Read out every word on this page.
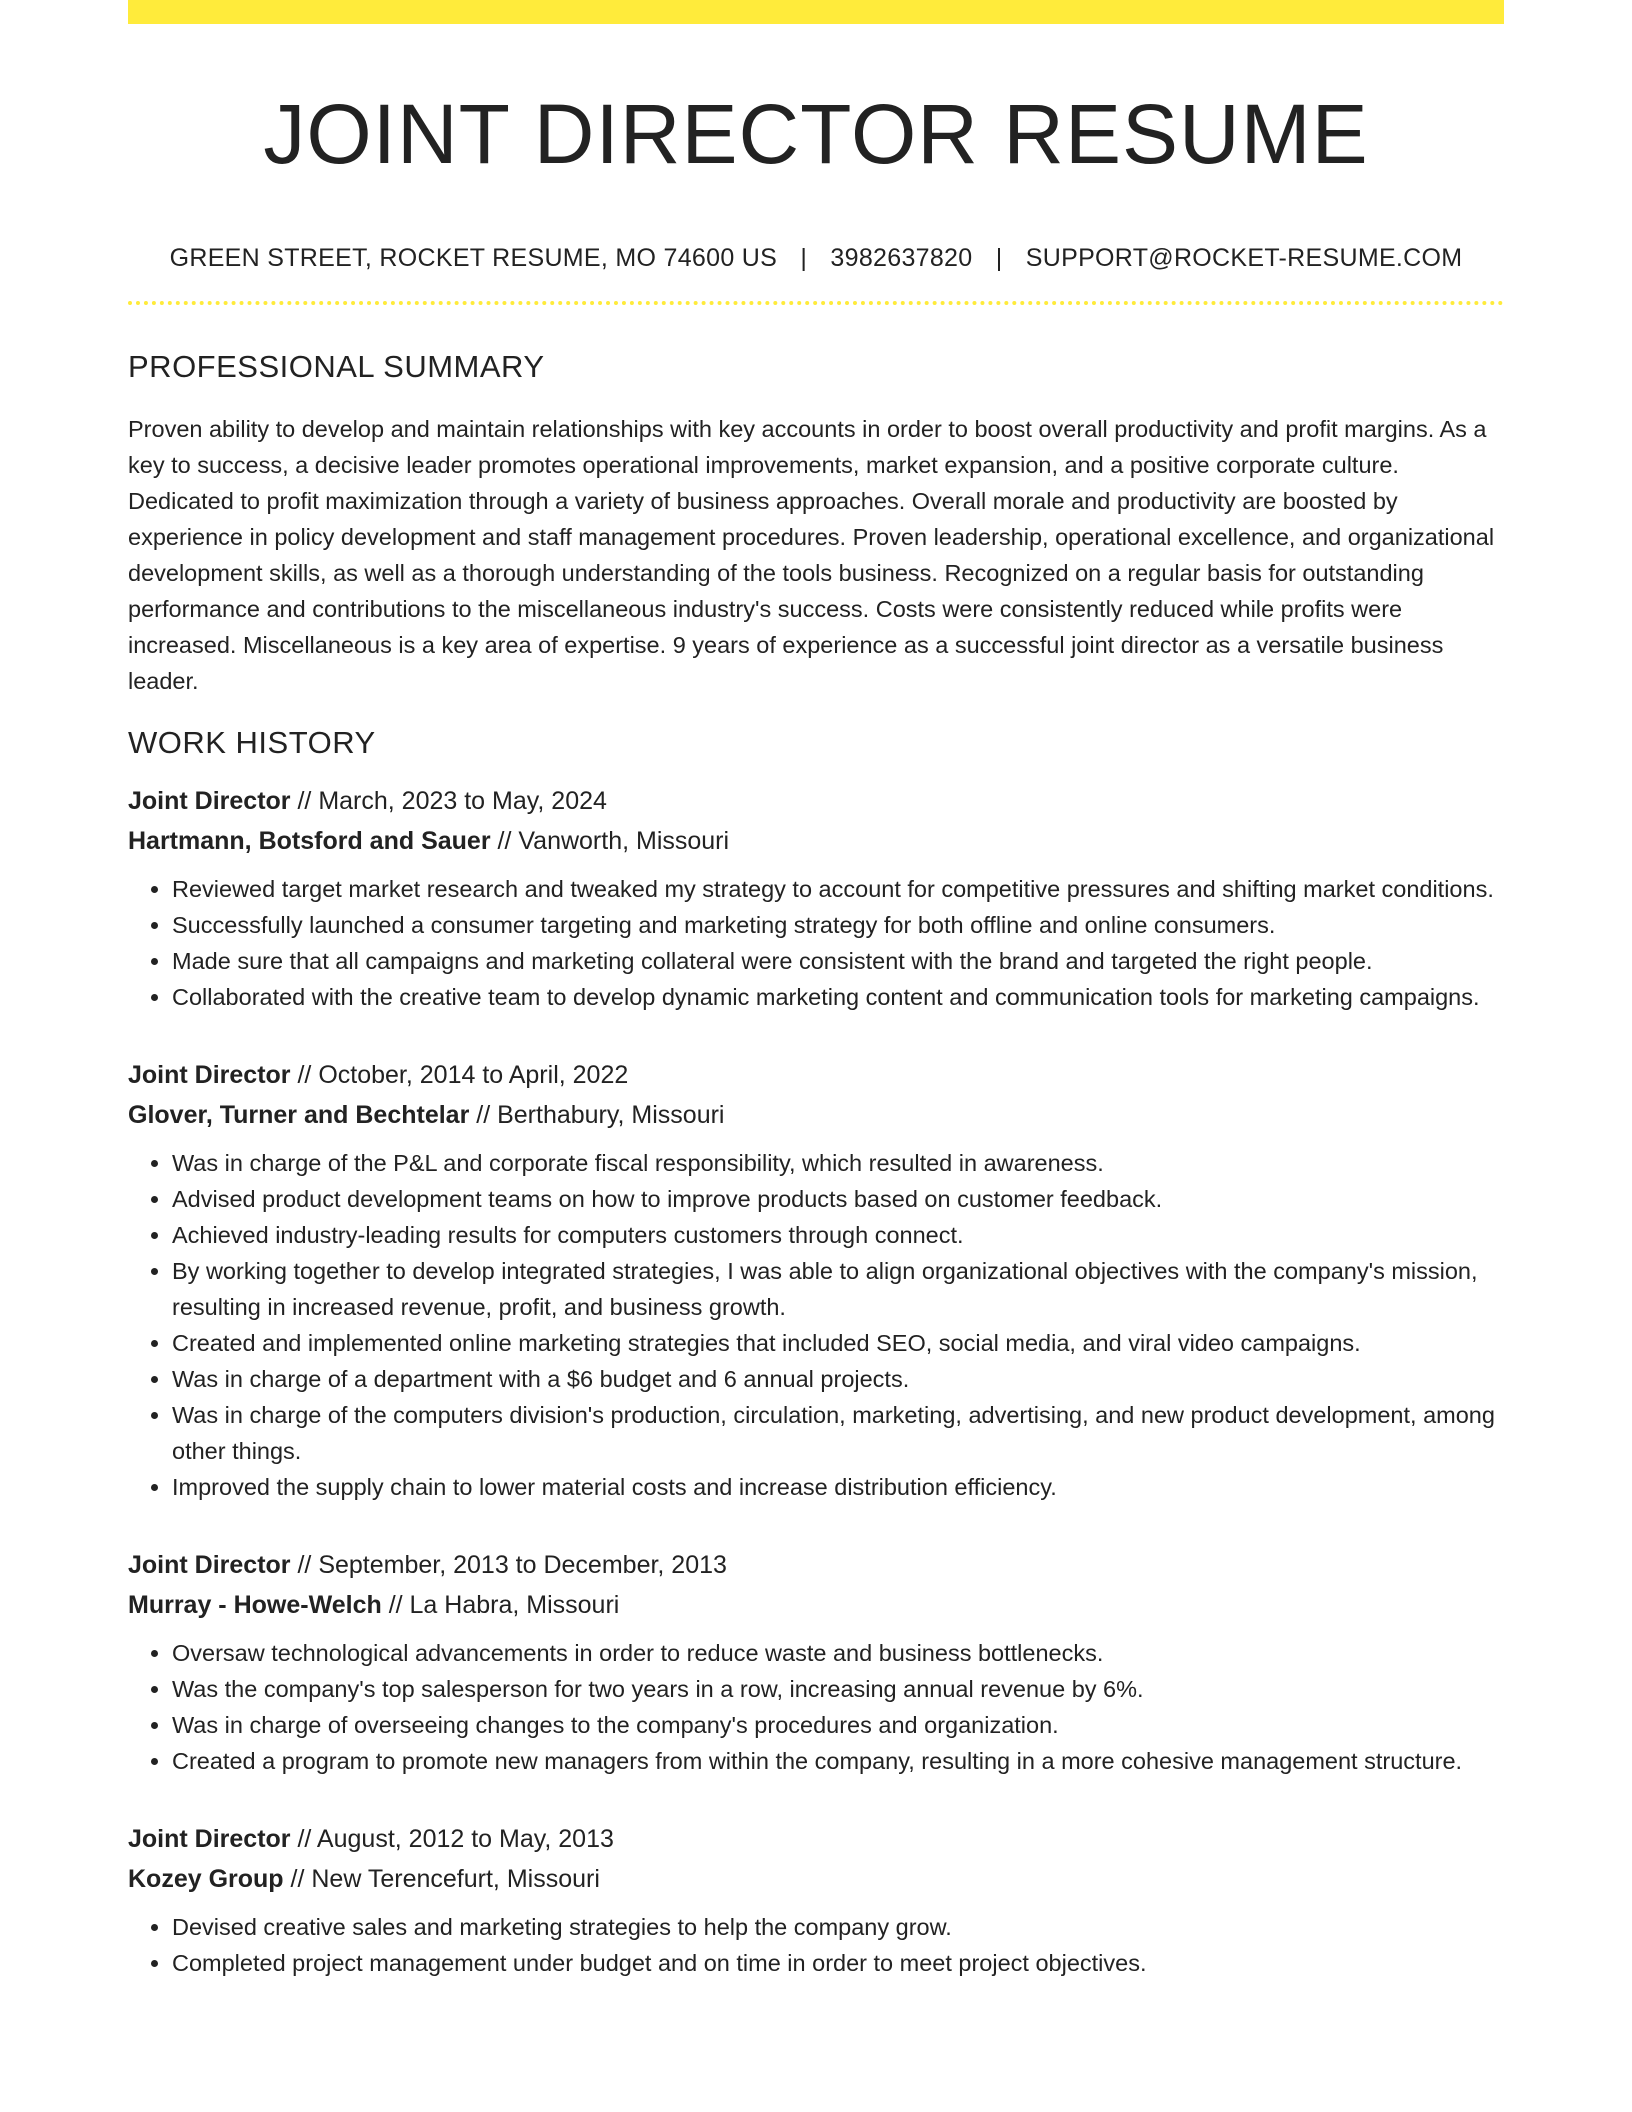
JOINT DIRECTOR RESUME
GREEN STREET, ROCKET RESUME, MO 74600 US | 3982637820 | SUPPORT@ROCKET-RESUME.COM
PROFESSIONAL SUMMARY

Proven ability to develop and maintain relationships with key accounts in order to boost overall productivity and profit margins. As a key to success, a decisive leader promotes operational improvements, market expansion, and a positive corporate culture. Dedicated to profit maximization through a variety of business approaches. Overall morale and productivity are boosted by experience in policy development and staff management procedures. Proven leadership, operational excellence, and organizational development skills, as well as a thorough understanding of the tools business. Recognized on a regular basis for outstanding performance and contributions to the miscellaneous industry's success. Costs were consistently reduced while profits were increased. Miscellaneous is a key area of expertise. 9 years of experience as a successful joint director as a versatile business leader.

WORK HISTORY
Joint Director // March, 2023 to May, 2024
Hartmann, Botsford and Sauer // Vanworth, Missouri
• Reviewed target market research and tweaked my strategy to account for competitive pressures and shifting market conditions.
• Successfully launched a consumer targeting and marketing strategy for both offline and online consumers.
• Made sure that all campaigns and marketing collateral were consistent with the brand and targeted the right people.
• Collaborated with the creative team to develop dynamic marketing content and communication tools for marketing campaigns.
Joint Director // October, 2014 to April, 2022
Glover, Turner and Bechtelar // Berthabury, Missouri
• Was in charge of the P&L and corporate fiscal responsibility, which resulted in awareness.
• Advised product development teams on how to improve products based on customer feedback.
• Achieved industry-leading results for computers customers through connect.
• By working together to develop integrated strategies, I was able to align organizational objectives with the company's mission, resulting in increased revenue, profit, and business growth.
• Created and implemented online marketing strategies that included SEO, social media, and viral video campaigns.
• Was in charge of a department with a $6 budget and 6 annual projects.
• Was in charge of the computers division's production, circulation, marketing, advertising, and new product development, among other things.
• Improved the supply chain to lower material costs and increase distribution efficiency.
Joint Director // September, 2013 to December, 2013
Murray - Howe-Welch // La Habra, Missouri
• Oversaw technological advancements in order to reduce waste and business bottlenecks.
• Was the company's top salesperson for two years in a row, increasing annual revenue by 6%.
• Was in charge of overseeing changes to the company's procedures and organization.
• Created a program to promote new managers from within the company, resulting in a more cohesive management structure.
Joint Director // August, 2012 to May, 2013
Kozey Group // New Terencefurt, Missouri
• Devised creative sales and marketing strategies to help the company grow.
• Completed project management under budget and on time in order to meet project objectives.
